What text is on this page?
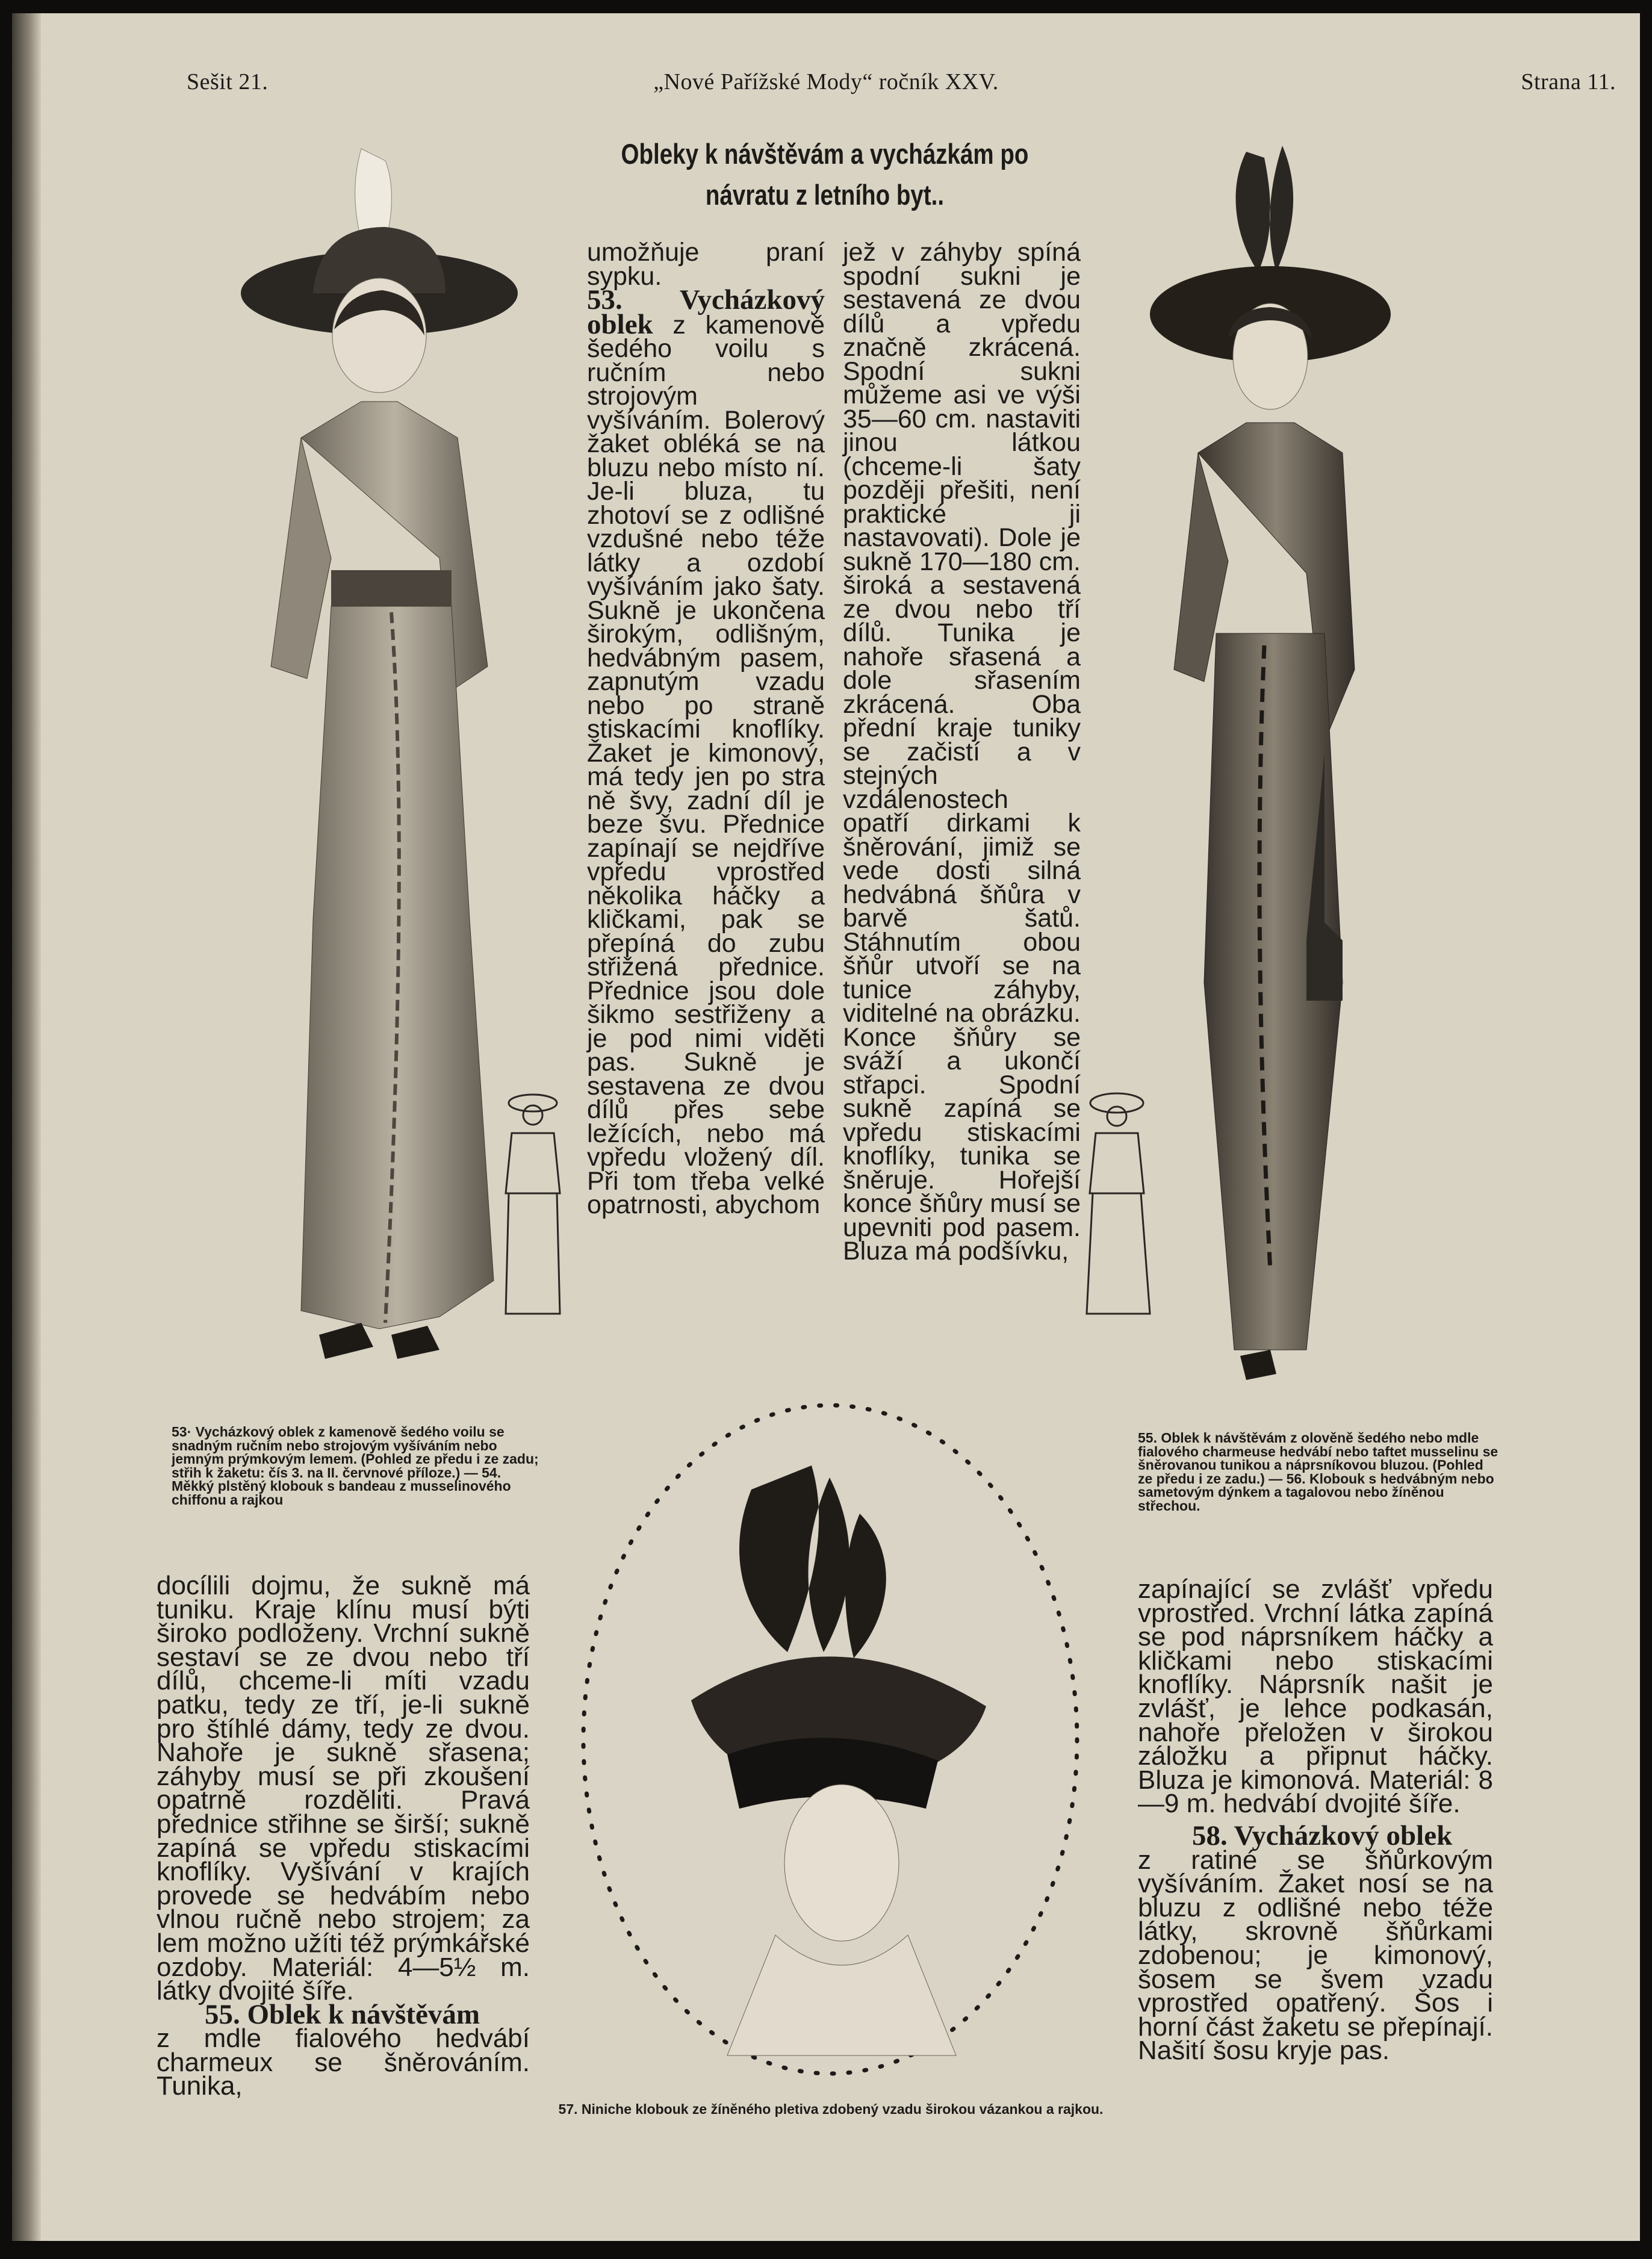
Sešit 21.	„Nové Pařížské Mody“ ročník XXV.	Strana 11.
Obleky k návštěvám a vycházkám po
návratu z letního byt..

umožňuje praní sypku.

53. Vycházkový oblek z kamenově šedého voilu s ručním nebo strojovým vyšíváním. Bolerový žaket obléká se na bluzu nebo místo ní. Je-li bluza, tu zhotoví se z odlišné vzdušné nebo téže látky a ozdobí vyšíváním jako šaty. Sukně je ukončena širokým, odlišným, hedvábným pasem, zapnutým vzadu nebo po straně stiskacími knoflíky. Žaket je kimonový, má tedy jen po stra ně švy, zadní díl je beze švu. Přednice zapínají se nejdříve vpředu vprostřed několika háčky a kličkami, pak se přepíná do zubu střižená přednice. Přednice jsou dole šikmo sestřiženy a je pod nimi viděti pas. Sukně je sestavena ze dvou dílů přes sebe ležících, nebo má vpředu vložený díl. Při tom třeba velké opatrnosti, abychom

jež v záhyby spíná spodní sukni je sestavená ze dvou dílů a vpředu značně zkrácená. Spodní sukni můžeme asi ve výši 35—60 cm. nastaviti jinou látkou (chceme-li šaty později přešiti, není praktické ji nastavovati). Dole je sukně 170—180 cm. široká a sestavená ze dvou nebo tří dílů. Tunika je nahoře sřasená a dole sřasením zkrácená. Oba přední kraje tuniky se začistí a v stejných vzdálenostech opatří dirkami k šněrování, jimiž se vede dosti silná hedvábná šňůra v barvě šatů. Stáhnutím obou šňůr utvoří se na tunice záhyby, viditelné na obrázku. Konce šňůry se sváží a ukončí střapci. Spodní sukně zapíná se vpředu stiskacími knoflíky, tunika se šněruje. Hořejší konce šňůry musí se upevniti pod pasem. Bluza má podšívku,

53· Vycházkový oblek z kamenově šedého voilu se snadným ručním nebo strojovým vyšíváním nebo jemným prýmkovým lemem. (Pohled ze předu i ze zadu; střih k žaketu: čís 3. na II. červnové příloze.) — 54. Měkký plstěný klobouk s bandeau z musselinového chiffonu a rajkou
55. Oblek k návštěvám z olověně šedého nebo mdle fialového charmeuse hedvábí nebo taftet musselinu se šněrovanou tunikou a náprsníkovou bluzou. (Pohled ze předu i ze zadu.) — 56. Klobouk s hedvábným nebo sametovým dýnkem a tagalovou nebo žíněnou střechou.
57. Niniche klobouk ze žíněného pletiva zdobený vzadu širokou vázankou a rajkou.

docílili dojmu, že sukně má tuniku. Kraje klínu musí býti široko podloženy. Vrchní sukně sestaví se ze dvou nebo tří dílů, chceme-li míti vzadu patku, tedy ze tří, je-li sukně pro štíhlé dámy, tedy ze dvou. Nahoře je sukně sřasena; záhyby musí se při zkoušení opatrně rozděliti. Pravá přednice střihne se širší; sukně zapíná se vpředu stiskacími knoflíky. Vyšívání v krajích provede se hedvábím nebo vlnou ručně nebo strojem; za lem možno užíti též prýmkářské ozdoby. Materiál: 4—5½ m. látky dvojité šíře.

55. Oblek k návštěvám

z mdle fialového hedvábí charmeux se šněrováním. Tunika,

zapínající se zvlášť vpředu vprostřed. Vrchní látka zapíná se pod náprsníkem háčky a kličkami nebo stiskacími knoflíky. Náprsník našit je zvlášť, je lehce podkasán, nahoře přeložen v širokou záložku a připnut háčky. Bluza je kimonová. Materiál: 8—9 m. hedvábí dvojité šíře.

58. Vycházkový oblek

z ratiné se šňůrkovým vyšíváním. Žaket nosí se na bluzu z odlišné nebo téže látky, skrovně šňůrkami zdobenou; je kimonový, šosem se švem vzadu vprostřed opatřený. Šos i horní část žaketu se přepínají. Našití šosu kryje pas.
